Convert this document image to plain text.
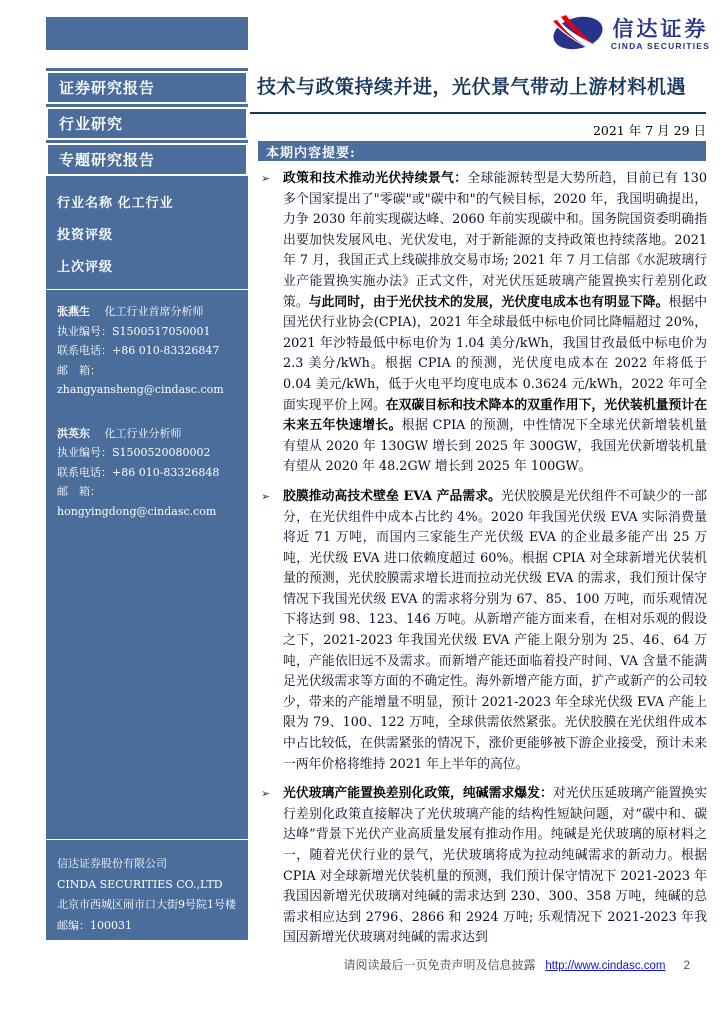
信达证券
CINDA SECURITIES
证券研究报告
行业研究
专题研究报告
行业名称 化工行业
投资评级
上次评级
张燕生 　 化工行业首席分析师
执业编号：S1500517050001
联系电话：+86 010-83326847
邮　箱：zhangyansheng@cindasc.com
洪英东 　 化工行业分析师
执业编号：S1500520080002
联系电话：+86 010-83326848
邮　箱：hongyingdong@cindasc.com
信达证券股份有限公司
CINDA SECURITIES CO.,LTD
北京市西城区闹市口大街9号院1号楼
邮编：100031
技术与政策持续并进，光伏景气带动上游材料机遇
2021 年 7 月 29 日
本期内容提要:
➢ 政策和技术推动光伏持续景气：全球能源转型是大势所趋，目前已有 130 多个国家提出了"零碳"或"碳中和"的气候目标，2020 年，我国明确提出，力争 2030 年前实现碳达峰、2060 年前实现碳中和。国务院国资委明确指出要加快发展风电、光伏发电，对于新能源的支持政策也持续落地。2021 年 7 月，我国正式上线碳排放交易市场; 2021 年 7 月工信部《水泥玻璃行业产能置换实施办法》正式文件，对光伏压延玻璃产能置换实行差别化政策。与此同时，由于光伏技术的发展，光伏度电成本也有明显下降。根据中国光伏行业协会(CPIA)，2021 年全球最低中标电价同比降幅超过 20%，2021 年沙特最低中标电价为 1.04 美分/kWh，我国甘孜最低中标电价为 2.3 美分/kWh。根据 CPIA 的预测，光伏度电成本在 2022 年将低于 0.04 美元/kWh，低于火电平均度电成本 0.3624 元/kWh，2022 年可全面实现平价上网。在双碳目标和技术降本的双重作用下，光伏装机量预计在未来五年快速增长。根据 CPIA 的预测，中性情况下全球光伏新增装机量有望从 2020 年 130GW 增长到 2025 年 300GW，我国光伏新增装机量有望从 2020 年 48.2GW 增长到 2025 年 100GW。
➢ 胶膜推动高技术壁垒 EVA 产品需求。光伏胶膜是光伏组件不可缺少的一部分，在光伏组件中成本占比约 4%。2020 年我国光伏级 EVA 实际消费量将近 71 万吨，而国内三家能生产光伏级 EVA 的企业最多能产出 25 万吨，光伏级 EVA 进口依赖度超过 60%。根据 CPIA 对全球新增光伏装机量的预测，光伏胶膜需求增长进而拉动光伏级 EVA 的需求，我们预计保守情况下我国光伏级 EVA 的需求将分别为 67、85、100 万吨，而乐观情况下将达到 98、123、146 万吨。从新增产能方面来看，在相对乐观的假设之下，2021-2023 年我国光伏级 EVA 产能上限分别为 25、46、64 万吨，产能依旧远不及需求。而新增产能还面临着投产时间、VA 含量不能满足光伏级需求等方面的不确定性。海外新增产能方面，扩产或新产的公司较少，带来的产能增量不明显，预计 2021-2023 年全球光伏级 EVA 产能上限为 79、100、122 万吨，全球供需依然紧张。光伏胶膜在光伏组件成本中占比较低，在供需紧张的情况下，涨价更能够被下游企业接受，预计未来一两年价格将维持 2021 年上半年的高位。
➢ 光伏玻璃产能置换差别化政策，纯碱需求爆发：对光伏压延玻璃产能置换实行差别化政策直接解决了光伏玻璃产能的结构性短缺问题，对“碳中和、碳达峰”背景下光伏产业高质量发展有推动作用。纯碱是光伏玻璃的原材料之一，随着光伏行业的景气，光伏玻璃将成为拉动纯碱需求的新动力。根据 CPIA 对全球新增光伏装机量的预测，我们预计保守情况下 2021-2023 年我国因新增光伏玻璃对纯碱的需求达到 230、300、358 万吨，纯碱的总需求相应达到 2796、2866 和 2924 万吨; 乐观情况下 2021-2023 年我国因新增光伏玻璃对纯碱的需求达到
请阅读最后一页免责声明及信息披露 http://www.cindasc.com 2
